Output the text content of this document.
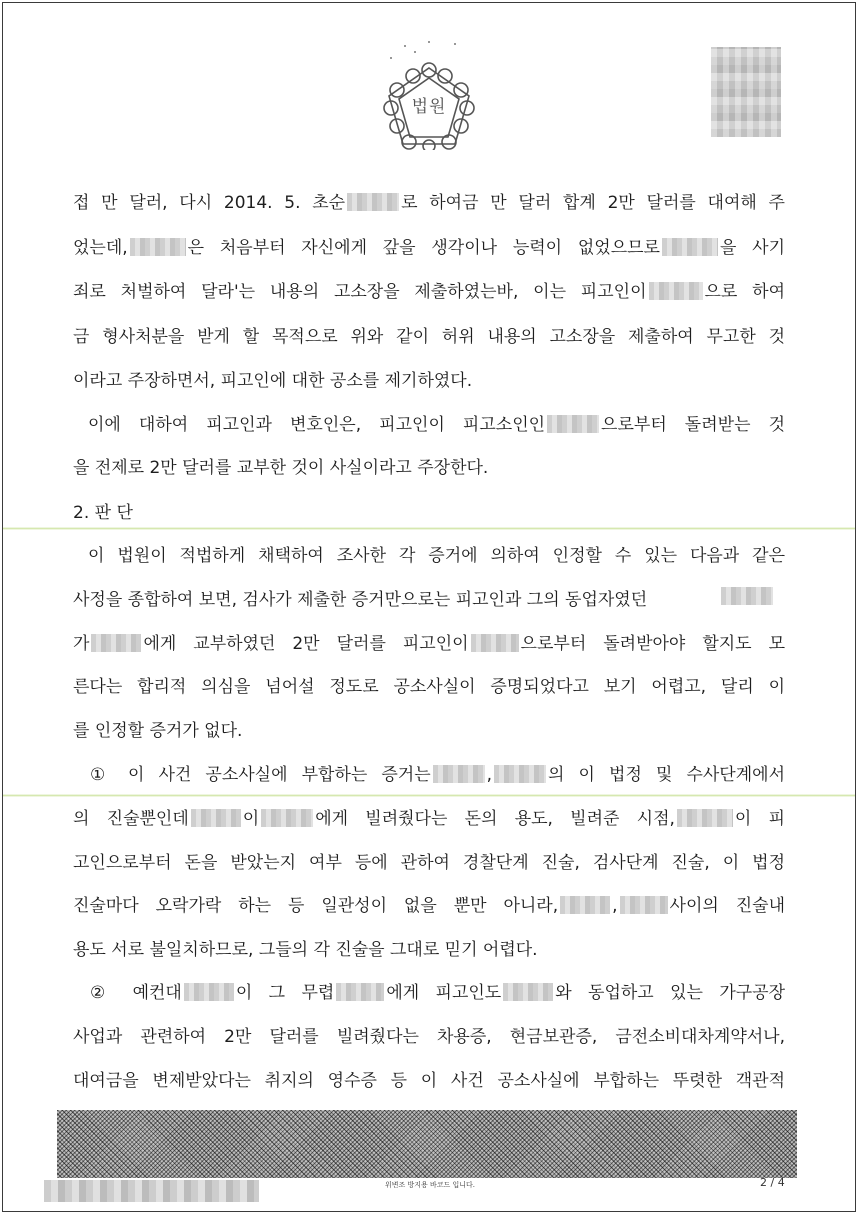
법원
접 만 달러, 다시 2014. 5. 초순	로 하여금 만 달러 합계 2만 달러를 대여해 주
었는데,	은 처음부터 자신에게 갚을 생각이나 능력이 없었으므로	을 사기
죄로 처벌하여 달라'는 내용의 고소장을 제출하였는바, 이는 피고인이	으로 하여
금 형사처분을 받게 할 목적으로 위와 같이 허위 내용의 고소장을 제출하여 무고한 것
이라고 주장하면서, 피고인에 대한 공소를 제기하였다.
이에 대하여 피고인과 변호인은, 피고인이 피고소인인	으로부터 돌려받는 것
을 전제로 2만 달러를 교부한 것이 사실이라고 주장한다.
2. 판 단
이 법원이 적법하게 채택하여 조사한 각 증거에 의하여 인정할 수 있는 다음과 같은
사정을 종합하여 보면, 검사가 제출한 증거만으로는 피고인과 그의 동업자였던
가	에게 교부하였던 2만 달러를 피고인이	으로부터 돌려받아야 할지도 모
른다는 합리적 의심을 넘어설 정도로 공소사실이 증명되었다고 보기 어렵고, 달리 이
를 인정할 증거가 없다.
① 이 사건 공소사실에 부합하는 증거는	,	의 이 법정 및 수사단계에서
의 진술뿐인데	이	에게 빌려줬다는 돈의 용도, 빌려준 시점,	이 피
고인으로부터 돈을 받았는지 여부 등에 관하여 경찰단계 진술, 검사단계 진술, 이 법정
진술마다 오락가락 하는 등 일관성이 없을 뿐만 아니라,	,	사이의 진술내
용도 서로 불일치하므로, 그들의 각 진술을 그대로 믿기 어렵다.
② 예컨대	이 그 무렵	에게 피고인도	와 동업하고 있는 가구공장
사업과 관련하여 2만 달러를 빌려줬다는 차용증, 현금보관증, 금전소비대차계약서나,
대여금을 변제받았다는 취지의 영수증 등 이 사건 공소사실에 부합하는 뚜렷한 객관적
위변조 방지용 바코드 입니다.	2 / 4
